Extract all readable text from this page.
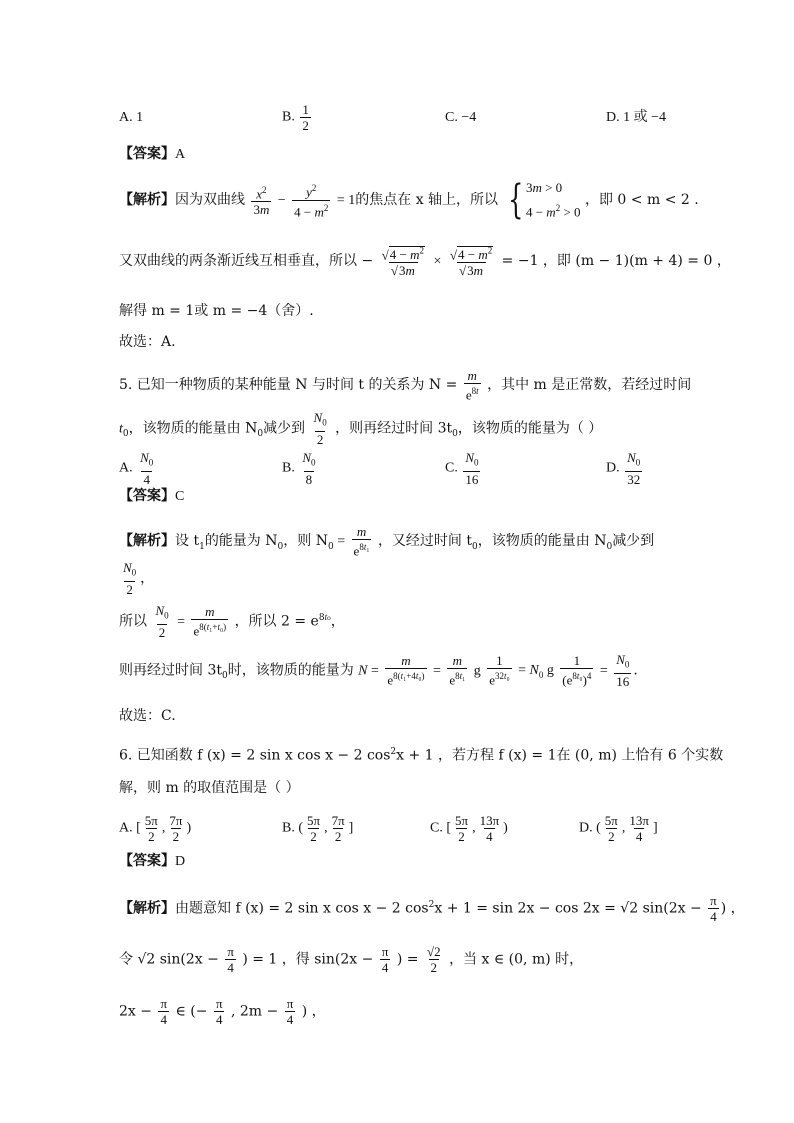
A. 1	B. $\frac{1}{2}$	C. −4	D. 1 或 −4
【答案】A
【解析】因为双曲线 $\frac{x^2}{3m} - \frac{y^2}{4 - m^2} = 1$的焦点在 x 轴上，所以 { 3m > 0
$4 - m^2 > 0$
，即 0 < m < 2 .
又双曲线的两条渐近线互相垂直，所以 − $\frac{√4 - m^2}{√3m} \times \frac{√4 - m^2}{√3m} = -1$ ，即 (m − 1)(m + 4) = 0 ，
解得 m = 1或 m = −4（舍）.
故选：A.
5. 已知一种物质的某种能量 N 与时间 t 的关系为 $N = \frac{m}{e^{8t}}$ ，其中 m 是正常数，若经过时间
$t_0$，该物质的能量由 $N_0$减少到 $\frac{N_0}{2}$ ，则再经过时间 $3t_0$，该物质的能量为（ ）
A. $\frac{N_0}{4}$	B. $\frac{N_0}{8}$	C. $\frac{N_0}{16}$	D. $\frac{N_0}{32}$
【答案】C
【解析】设 $t_1$的能量为 $N_0$，则 $N_0 = \frac{m}{e^{8t_1}}$ ，又经过时间 $t_0$，该物质的能量由 $N_0$减少到
$\frac{N_0}{2}$ ，
所以 $\frac{N_0}{2} = \frac{m}{e^{8(t_1+t_0)}}$ ，所以 $2 = e^{8t_0}$，
则再经过时间 $3t_0$时，该物质的能量为 $N = \frac{m}{e^{8(t_1+4t_0)}} = \frac{m}{e^{8t_1}}$ g $\frac{1}{e^{32t_0}} = N_0$ g $\frac{1}{(e^{8t_0})^4} = \frac{N_0}{16}$ .
故选：C.
6. 已知函数 f (x) = 2 sin x cos x − 2 $\cos^2x + 1$ ，若方程 f (x) = 1在 (0, m) 上恰有 6 个实数
解，则 m 的取值范围是（ ）
A. [ $\frac{5\pi}{2}$ , $\frac{7\pi}{2}$ )	B. ( $\frac{5\pi}{2}$ , $\frac{7\pi}{2}$ ]	C. [ $\frac{5\pi}{2}$ , $\frac{13\pi}{4}$ )	D. ( $\frac{5\pi}{2}$ , $\frac{13\pi}{4}$ ]
【答案】D
【解析】由题意知 f (x) = 2 sin x cos x − 2 $\cos^2x + 1 = \sin 2x - \cos 2x = √2$ $\sin(2x - \frac{\pi}{4}$ ) ，
令 √2 $\sin(2x - \frac{\pi}{4}$ ) = 1 ，得 $\sin(2x - \frac{\pi}{4}$ ) = $\frac{√2}{2}$ ，当 x ∈ (0, m) 时，
$2x - \frac{\pi}{4}$ ∈ (− $\frac{\pi}{4}$ , $2m - \frac{\pi}{4}$ ) ，
